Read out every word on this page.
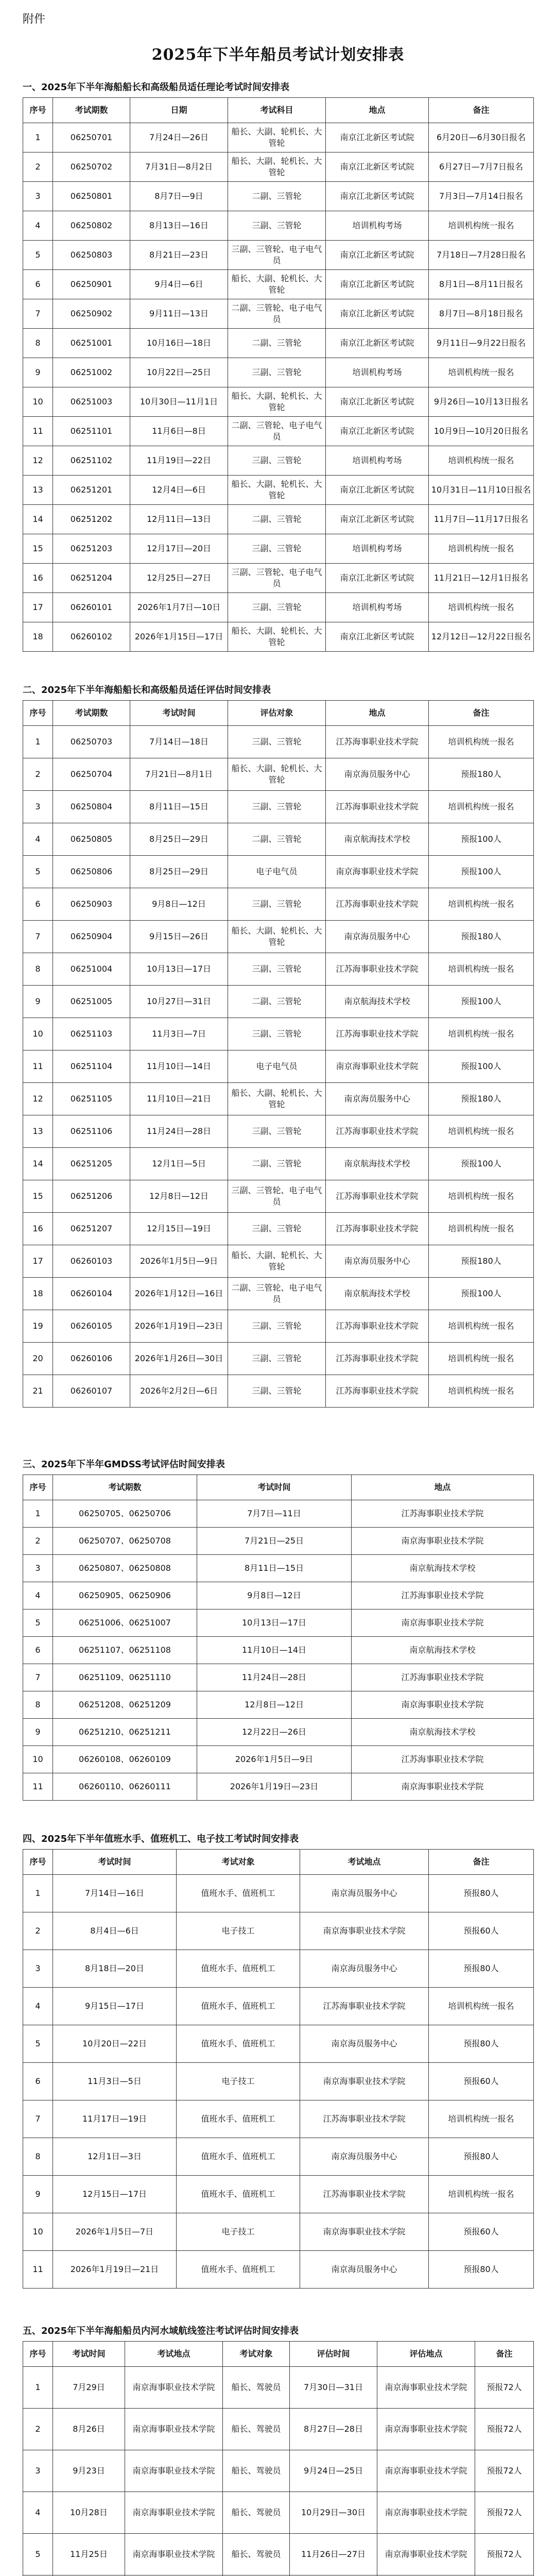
附件
2025年下半年船员考试计划安排表
一、2025年下半年海船船长和高级船员适任理论考试时间安排表
序号	考试期数	日期	考试科目	地点	备注
1	06250701	7月24日—26日	船长、大副、轮机长、大管轮	南京江北新区考试院	6月20日—6月30日报名
2	06250702	7月31日—8月2日	船长、大副、轮机长、大管轮	南京江北新区考试院	6月27日—7月7日报名
3	06250801	8月7日—9日	二副、三管轮	南京江北新区考试院	7月3日—7月14日报名
4	06250802	8月13日—16日	三副、三管轮	培训机构考场	培训机构统一报名
5	06250803	8月21日—23日	三副、三管轮、电子电气员	南京江北新区考试院	7月18日—7月28日报名
6	06250901	9月4日—6日	船长、大副、轮机长、大管轮	南京江北新区考试院	8月1日—8月11日报名
7	06250902	9月11日—13日	二副、三管轮、电子电气员	南京江北新区考试院	8月7日—8月18日报名
8	06251001	10月16日—18日	二副、三管轮	南京江北新区考试院	9月11日—9月22日报名
9	06251002	10月22日—25日	三副、三管轮	培训机构考场	培训机构统一报名
10	06251003	10月30日—11月1日	船长、大副、轮机长、大管轮	南京江北新区考试院	9月26日—10月13日报名
11	06251101	11月6日—8日	二副、三管轮、电子电气员	南京江北新区考试院	10月9日—10月20日报名
12	06251102	11月19日—22日	三副、三管轮	培训机构考场	培训机构统一报名
13	06251201	12月4日—6日	船长、大副、轮机长、大管轮	南京江北新区考试院	10月31日—11月10日报名
14	06251202	12月11日—13日	二副、三管轮	南京江北新区考试院	11月7日—11月17日报名
15	06251203	12月17日—20日	三副、三管轮	培训机构考场	培训机构统一报名
16	06251204	12月25日—27日	三副、三管轮、电子电气员	南京江北新区考试院	11月21日—12月1日报名
17	06260101	2026年1月7日—10日	三副、三管轮	培训机构考场	培训机构统一报名
18	06260102	2026年1月15日—17日	船长、大副、轮机长、大管轮	南京江北新区考试院	12月12日—12月22日报名
二、2025年下半年海船船长和高级船员适任评估时间安排表
序号	考试期数	考试时间	评估对象	地点	备注
1	06250703	7月14日—18日	三副、三管轮	江苏海事职业技术学院	培训机构统一报名
2	06250704	7月21日—8月1日	船长、大副、轮机长、大管轮	南京海员服务中心	预报180人
3	06250804	8月11日—15日	三副、三管轮	江苏海事职业技术学院	培训机构统一报名
4	06250805	8月25日—29日	二副、三管轮	南京航海技术学校	预报100人
5	06250806	8月25日—29日	电子电气员	南京海事职业技术学院	预报100人
6	06250903	9月8日—12日	三副、三管轮	江苏海事职业技术学院	培训机构统一报名
7	06250904	9月15日—26日	船长、大副、轮机长、大管轮	南京海员服务中心	预报180人
8	06251004	10月13日—17日	三副、三管轮	江苏海事职业技术学院	培训机构统一报名
9	06251005	10月27日—31日	二副、三管轮	南京航海技术学校	预报100人
10	06251103	11月3日—7日	三副、三管轮	江苏海事职业技术学院	培训机构统一报名
11	06251104	11月10日—14日	电子电气员	南京海事职业技术学院	预报100人
12	06251105	11月10日—21日	船长、大副、轮机长、大管轮	南京海员服务中心	预报180人
13	06251106	11月24日—28日	三副、三管轮	江苏海事职业技术学院	培训机构统一报名
14	06251205	12月1日—5日	二副、三管轮	南京航海技术学校	预报100人
15	06251206	12月8日—12日	三副、三管轮、电子电气员	江苏海事职业技术学院	培训机构统一报名
16	06251207	12月15日—19日	三副、三管轮	江苏海事职业技术学院	培训机构统一报名
17	06260103	2026年1月5日—9日	船长、大副、轮机长、大管轮	南京海员服务中心	预报180人
18	06260104	2026年1月12日—16日	二副、三管轮、电子电气员	南京航海技术学校	预报100人
19	06260105	2026年1月19日—23日	三副、三管轮	江苏海事职业技术学院	培训机构统一报名
20	06260106	2026年1月26日—30日	三副、三管轮	江苏海事职业技术学院	培训机构统一报名
21	06260107	2026年2月2日—6日	三副、三管轮	江苏海事职业技术学院	培训机构统一报名
三、2025年下半年GMDSS考试评估时间安排表
序号	考试期数	考试时间	地点
1	06250705、06250706	7月7日—11日	江苏海事职业技术学院
2	06250707、06250708	7月21日—25日	南京海事职业技术学院
3	06250807、06250808	8月11日—15日	南京航海技术学校
4	06250905、06250906	9月8日—12日	江苏海事职业技术学院
5	06251006、06251007	10月13日—17日	南京海事职业技术学院
6	06251107、06251108	11月10日—14日	南京航海技术学校
7	06251109、06251110	11月24日—28日	江苏海事职业技术学院
8	06251208、06251209	12月8日—12日	南京海事职业技术学院
9	06251210、06251211	12月22日—26日	南京航海技术学校
10	06260108、06260109	2026年1月5日—9日	江苏海事职业技术学院
11	06260110、06260111	2026年1月19日—23日	南京海事职业技术学院
四、2025年下半年值班水手、值班机工、电子技工考试时间安排表
序号	考试时间	考试对象	考试地点	备注
1	7月14日—16日	值班水手、值班机工	南京海员服务中心	预报80人
2	8月4日—6日	电子技工	南京海事职业技术学院	预报60人
3	8月18日—20日	值班水手、值班机工	南京海员服务中心	预报80人
4	9月15日—17日	值班水手、值班机工	江苏海事职业技术学院	培训机构统一报名
5	10月20日—22日	值班水手、值班机工	南京海员服务中心	预报80人
6	11月3日—5日	电子技工	南京海事职业技术学院	预报60人
7	11月17日—19日	值班水手、值班机工	江苏海事职业技术学院	培训机构统一报名
8	12月1日—3日	值班水手、值班机工	南京海员服务中心	预报80人
9	12月15日—17日	值班水手、值班机工	江苏海事职业技术学院	培训机构统一报名
10	2026年1月5日—7日	电子技工	南京海事职业技术学院	预报60人
11	2026年1月19日—21日	值班水手、值班机工	南京海员服务中心	预报80人
五、2025年下半年海船船员内河水域航线签注考试评估时间安排表
序号	考试时间	考试地点	考试对象	评估时间	评估地点	备注
1	7月29日	南京海事职业技术学院	船长、驾驶员	7月30日—31日	南京海事职业技术学院	预报72人
2	8月26日	南京海事职业技术学院	船长、驾驶员	8月27日—28日	南京海事职业技术学院	预报72人
3	9月23日	南京海事职业技术学院	船长、驾驶员	9月24日—25日	南京海事职业技术学院	预报72人
4	10月28日	南京海事职业技术学院	船长、驾驶员	10月29日—30日	南京海事职业技术学院	预报72人
5	11月25日	南京海事职业技术学院	船长、驾驶员	11月26日—27日	南京海事职业技术学院	预报72人
